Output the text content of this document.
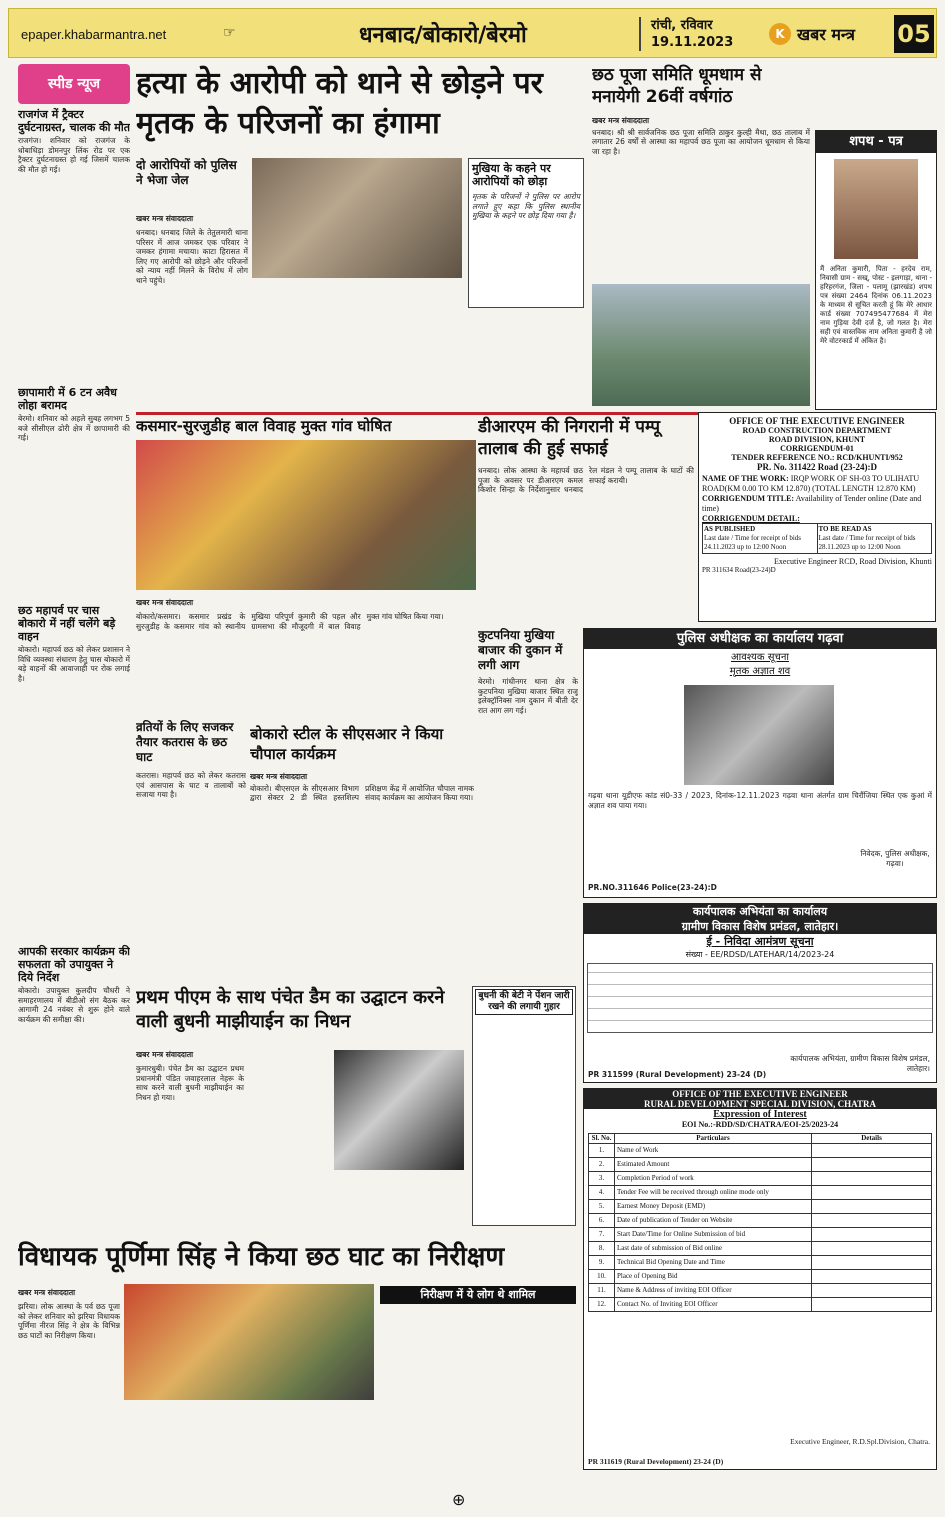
epaper.khabarmantra.net	☞	धनबाद/बोकारो/बेरमो	रांची, रविवार
19.11.2023
K खबर मन्त्र 05
स्पीड न्यूज
राजगंज में ट्रैक्टर दुर्घटनाग्रस्त, चालक की मौत
राजगंज। शनिवार को राजगंज के धोबाधिड़ा डोमनपुर लिंक रोड पर एक ट्रैक्टर दुर्घटनाग्रस्त हो गई जिसमें चालक की मौत हो गई।
छापामारी में 6 टन अवैध लोहा बरामद
बेरमो। शनिवार को अहले सुबह लगभग 5 बजे सीसीएल ढोरी क्षेत्र में छापामारी की गई।
छठ महापर्व पर चास बोकारो में नहीं चलेंगे बड़े वाहन
बोकारो। महापर्व छठ को लेकर प्रशासन ने विधि व्यवस्था संधारण हेतु चास बोकारो में बड़े वाहनों की आवाजाही पर रोक लगाई है।
आपकी सरकार कार्यक्रम की सफलता को उपायुक्त ने दिये निर्देश
बोकारो। उपायुक्त कुलदीप चौधरी ने समाहरणालय में बीडीओ संग बैठक कर आगामी 24 नवंबर से शुरू होने वाले कार्यक्रम की समीक्षा की।
हत्या के आरोपी को थाने से छोड़ने पर मृतक के परिजनों का हंगामा
दो आरोपियों को पुलिस ने भेजा जेल
मुखिया के कहने पर आरोपियों को छोड़ा
मृतक के परिजनों ने पुलिस पर आरोप लगाते हुए कहा कि पुलिस स्थानीय मुखिया के कहने पर छोड़ दिया गया है।
खबर मन्त्र संवाददाता
धनबाद। धनबाद जिले के तेतुलमारी थाना परिसर में आज जमकर एक परिवार ने जमकर हंगामा मचाया। काटा हिरासत में लिए गए आरोपी को छोड़ने और परिजनों को न्याय नहीं मिलने के विरोध में लोग थाने पहुंचे।
छठ पूजा समिति धूमधाम से मनायेगी 26वीं वर्षगांठ
खबर मन्त्र संवाददाता
धनबाद। श्री श्री सार्वजनिक छठ पूजा समिति ठाकुर कुल्ही मैथा, छठ तालाब में लगातार 26 वर्षों से आस्था का महापर्व छठ पूजा का आयोजन धूमधाम से किया जा रहा है।
शपथ - पत्र
मैं अनिता कुमारी, पिता - हरदेव राम, निवासी ग्राम - सख्, पोस्ट - इलगाड़ा, थाना - हरिहरगंज, जिला - पलामू (झारखंड) शपथ पत्र संख्या 2464 दिनांक 06.11.2023 के माध्यम से सूचित करती हूं कि मेरे आधार कार्ड संख्या 707495477684 में मेरा नाम गुड़िया देवी दर्ज है, जो गलत है। मेरा सही एवं वास्तविक नाम अनिता कुमारी है जो मेरे वोटरकार्ड में अंकित है।
कसमार-सुरजुडीह बाल विवाह मुक्त गांव घोषित
खबर मन्त्र संवाददाता
बोकारो/कसमार। कसमार प्रखंड के सुरजुडीह के कसमार गांव को स्थानीय मुखिया परिपूर्ण कुमारी की पहल और ग्रामसभा की मौजूदगी में बाल विवाह मुक्त गांव घोषित किया गया।
डीआरएम की निगरानी में पम्पू तालाब की हुई सफाई
धनबाद। लोक आस्था के महापर्व छठ पूजा के अवसर पर डीआरएम कमल किशोर सिन्हा के निर्देशानुसार धनबाद रेल मंडल ने पम्पू तालाब के घाटों की सफाई करायी।
OFFICE OF THE EXECUTIVE ENGINEER
ROAD CONSTRUCTION DEPARTMENT
ROAD DIVISION, KHUNT
CORRIGENDUM-01
TENDER REFERENCE NO.: RCD/KHUNTI/952
PR. No. 311422 Road (23-24):D
NAME OF THE WORK: IRQP WORK OF SH-03 TO ULIHATU ROAD(KM 0.00 TO KM 12.870) (TOTAL LENGTH 12.870 KM)
CORRIGENDUM TITLE: Availability of Tender online (Date and time)
CORRIGENDUM DETAIL:
AS PUBLISHED
Last date / Time for receipt of bids 24.11.2023 up to 12:00 Noon
TO BE READ AS
Last date / Time for receipt of bids 28.11.2023 up to 12:00 Noon
Executive Engineer RCD, Road Division, Khunti
PR 311634 Road(23-24)D
कुटपनिया मुखिया बाजार की दुकान में लगी आग
बेरमो। गांधीनगर थाना क्षेत्र के कुटपनिया मुखिया बाजार स्थित राजू इलेक्ट्रॉनिक्स नाम दुकान में बीती देर रात आग लग गई।
पुलिस अधीक्षक का कार्यालय गढ़वा
आवश्यक सूचना
मृतक अज्ञात शव
गढ़वा थाना यूडीएफ कांड सं0-33 / 2023, दिनांक-12.11.2023 गढ़वा थाना अंतर्गत ग्राम चिरौंजिया स्थित एक कुआं में अज्ञात शव पाया गया।
निवेदक, पुलिस अधीक्षक, गढ़वा।
PR.NO.311646 Police(23-24):D
व्रतियों के लिए सजकर तैयार कतरास के छठ घाट
कतरास। महापर्व छठ को लेकर कतरास एवं आसपास के घाट व तालाबों को सजाया गया है।
बोकारो स्टील के सीएसआर ने किया चौपाल कार्यक्रम
खबर मन्त्र संवाददाता
बोकारो। बीएसएल के सीएसआर विभाग द्वारा सेक्टर 2 डी स्थित हस्तशिल्प प्रशिक्षण केंद्र में आयोजित चौपाल नामक संवाद कार्यक्रम का आयोजन किया गया।
कार्यपालक अभियंता का कार्यालय
ग्रामीण विकास विशेष प्रमंडल, लातेहार।
ई - निविदा आमंत्रण सूचना
संख्या - EE/RDSD/LATEHAR/14/2023-24
कार्यपालक अभियंता, ग्रामीण विकास विशेष प्रमंडल, लातेहार।
PR 311599 (Rural Development) 23-24 (D)
प्रथम पीएम के साथ पंचेत डैम का उद्घाटन करने वाली बुधनी माझीयाईन का निधन
बुधनी की बेटी ने पेंशन जारी रखने की लगायी गुहार
खबर मन्त्र संवाददाता
कुमारधुबी। पंचेत डैम का उद्घाटन प्रथम प्रधानमंत्री पंडित जवाहरलाल नेहरू के साथ करने वाली बुधनी माझीयाईन का निधन हो गया।	OFFICE OF THE EXECUTIVE ENGINEER
RURAL DEVELOPMENT SPECIAL DIVISION, CHATRA
Expression of Interest
EOI No.:-RDD/SD/CHATRA/EOI-25/2023-24
Sl. No.	Particulars	Details
1.	Name of Work	
2.	Estimated Amount	
3.	Completion Period of work	
4.	Tender Fee will be received through online mode only	
5.	Earnest Money Deposit (EMD)	
6.	Date of publication of Tender on Website	
7.	Start Date/Time for Online Submission of bid	
8.	Last date of submission of Bid online	
9.	Technical Bid Opening Date and Time	
10.	Place of Opening Bid	
11.	Name & Address of inviting EOI Officer	
12.	Contact No. of Inviting EOI Officer	
Executive Engineer, R.D.Spl.Division, Chatra.
PR 311619 (Rural Development) 23-24 (D)
विधायक पूर्णिमा सिंह ने किया छठ घाट का निरीक्षण
खबर मन्त्र संवाददाता
झरिया। लोक आस्था के पर्व छठ पूजा को लेकर शनिवार को झरिया विधायक पूर्णिमा नीरज सिंह ने क्षेत्र के विभिन्न छठ घाटों का निरीक्षण किया।
निरीक्षण में ये लोग थे शामिल
⊕
